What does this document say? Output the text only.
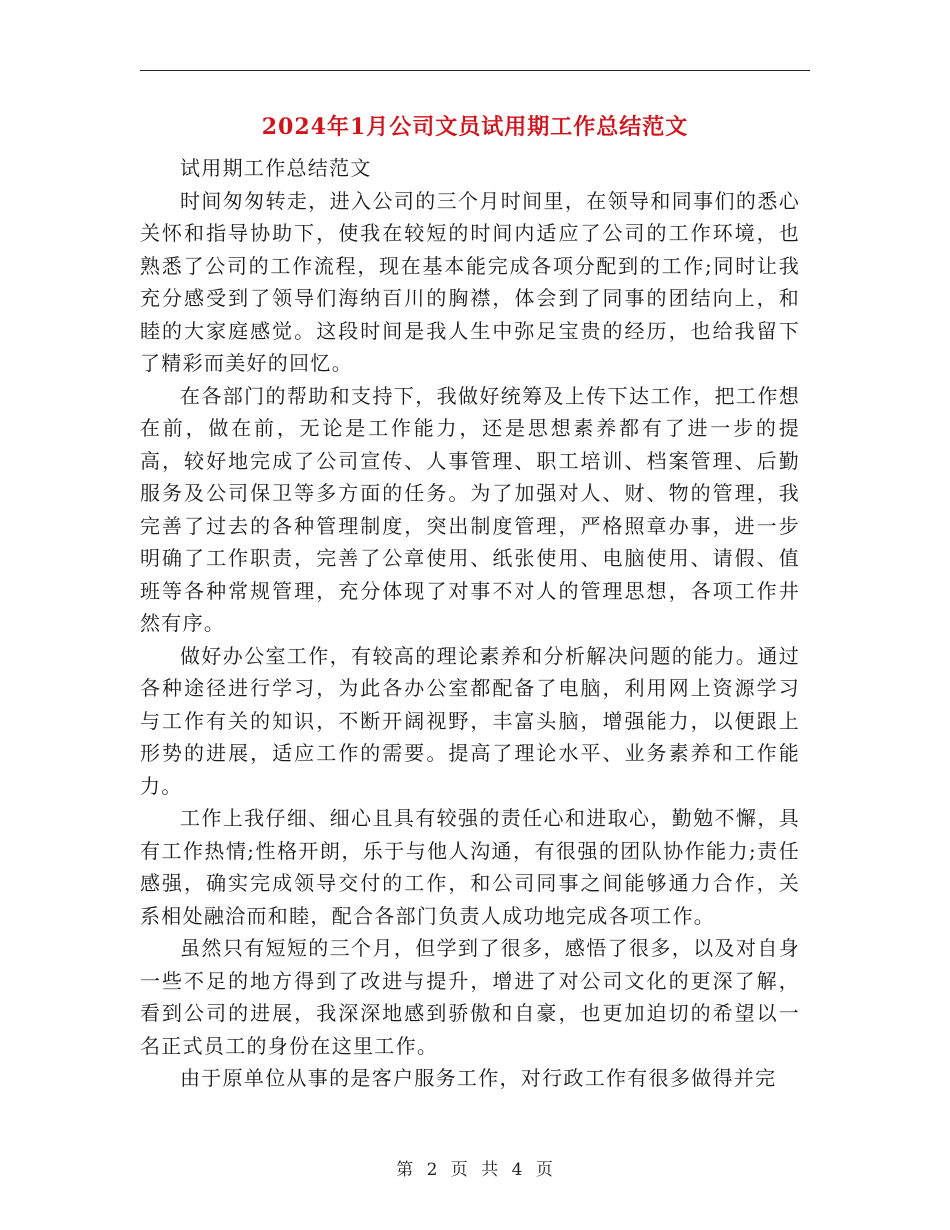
2024年1月公司文员试用期工作总结范文

试用期工作总结范文

时间匆匆转走，进入公司的三个月时间里，在领导和同事们的悉心关怀和指导协助下，使我在较短的时间内适应了公司的工作环境，也熟悉了公司的工作流程，现在基本能完成各项分配到的工作;同时让我充分感受到了领导们海纳百川的胸襟，体会到了同事的团结向上，和睦的大家庭感觉。这段时间是我人生中弥足宝贵的经历，也给我留下了精彩而美好的回忆。

在各部门的帮助和支持下，我做好统筹及上传下达工作，把工作想在前，做在前，无论是工作能力，还是思想素养都有了进一步的提高，较好地完成了公司宣传、人事管理、职工培训、档案管理、后勤服务及公司保卫等多方面的任务。为了加强对人、财、物的管理，我完善了过去的各种管理制度，突出制度管理，严格照章办事，进一步明确了工作职责，完善了公章使用、纸张使用、电脑使用、请假、值班等各种常规管理，充分体现了对事不对人的管理思想，各项工作井然有序。

做好办公室工作，有较高的理论素养和分析解决问题的能力。通过各种途径进行学习，为此各办公室都配备了电脑，利用网上资源学习与工作有关的知识，不断开阔视野，丰富头脑，增强能力，以便跟上形势的进展，适应工作的需要。提高了理论水平、业务素养和工作能力。

工作上我仔细、细心且具有较强的责任心和进取心，勤勉不懈，具有工作热情;性格开朗，乐于与他人沟通，有很强的团队协作能力;责任感强，确实完成领导交付的工作，和公司同事之间能够通力合作，关系相处融洽而和睦，配合各部门负责人成功地完成各项工作。

虽然只有短短的三个月，但学到了很多，感悟了很多，以及对自身一些不足的地方得到了改进与提升，增进了对公司文化的更深了解，看到公司的进展，我深深地感到骄傲和自豪，也更加迫切的希望以一名正式员工的身份在这里工作。

由于原单位从事的是客户服务工作，对行政工作有很多做得并完

第 2 页 共 4 页
